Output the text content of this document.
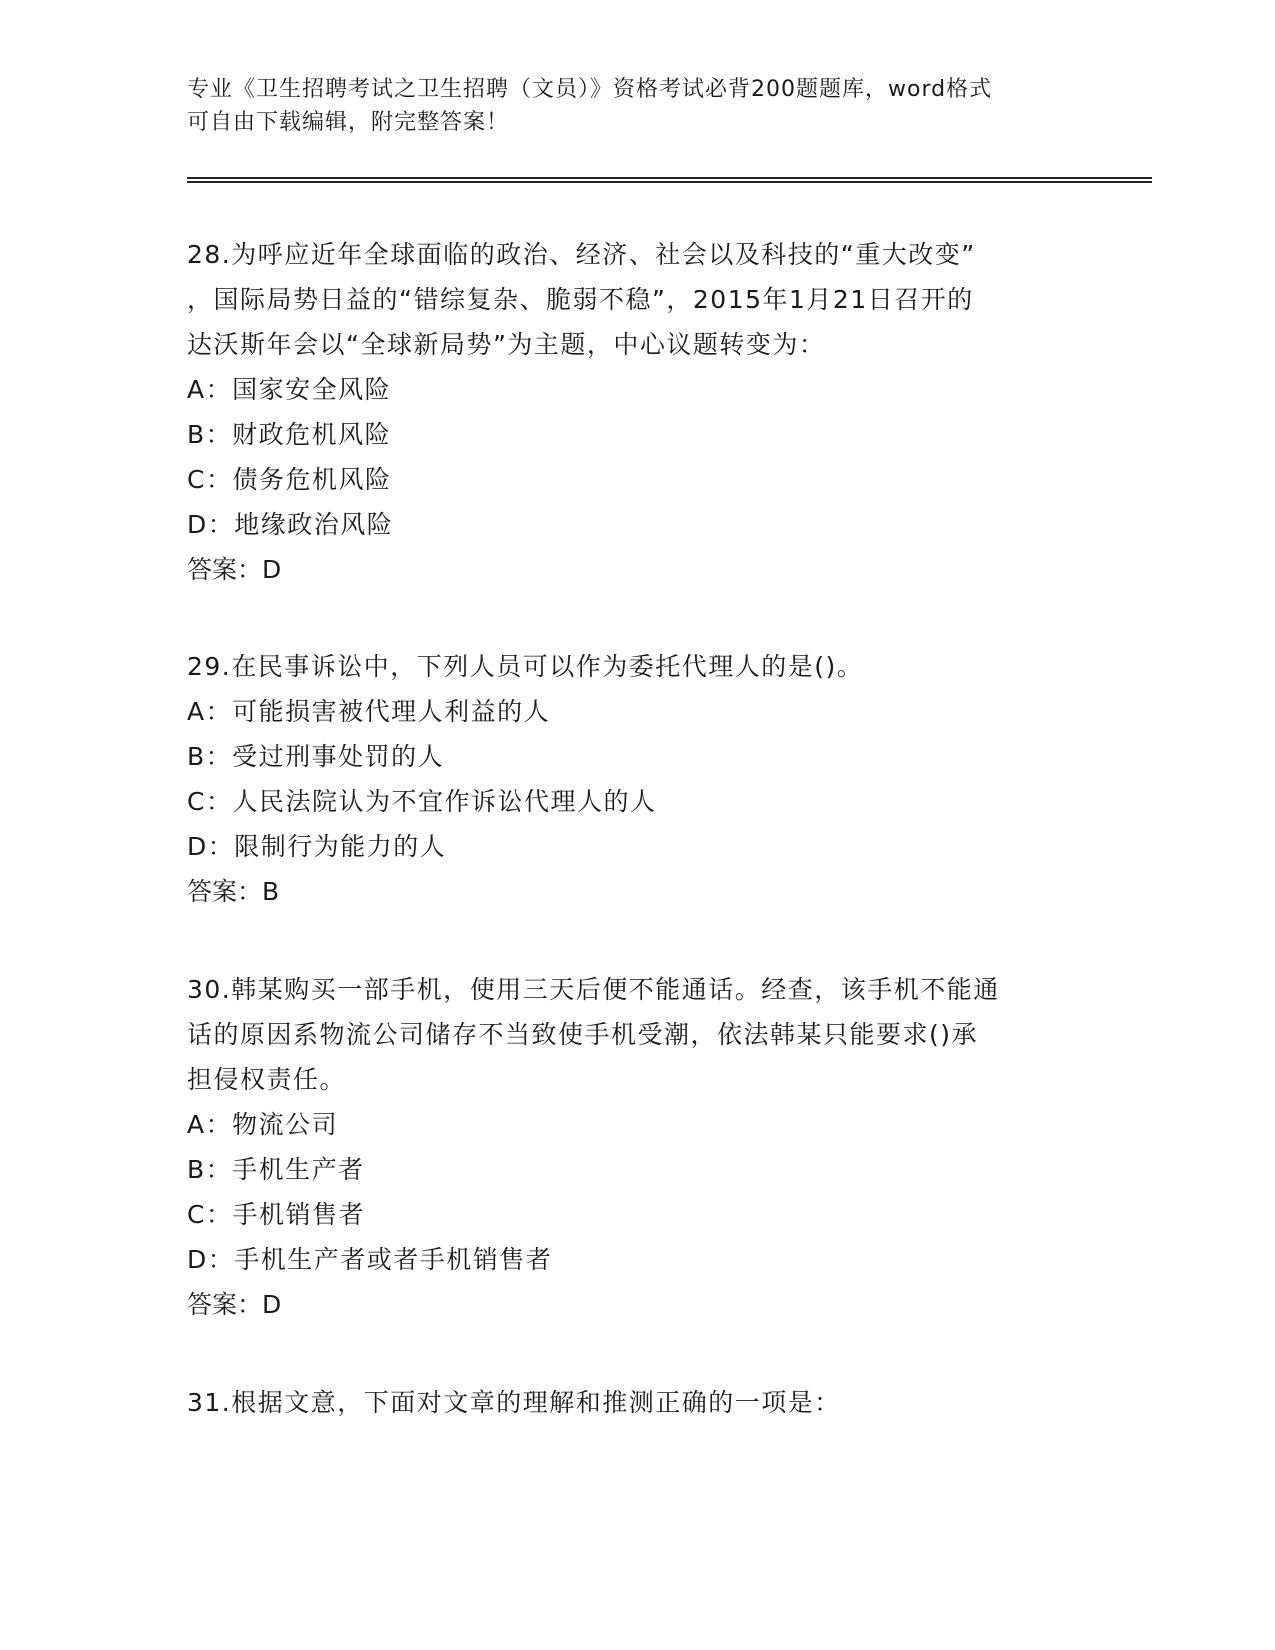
专业《卫生招聘考试之卫生招聘（文员）》资格考试必背200题题库，word格式
可自由下载编辑，附完整答案！

28.为呼应近年全球面临的政治、经济、社会以及科技的“重大改变”

，国际局势日益的“错综复杂、脆弱不稳”，2015年1月21日召开的

达沃斯年会以“全球新局势”为主题，中心议题转变为：

A：国家安全风险

B：财政危机风险

C：债务危机风险

D：地缘政治风险

答案：D

29.在民事诉讼中，下列人员可以作为委托代理人的是()。

A：可能损害被代理人利益的人

B：受过刑事处罚的人

C：人民法院认为不宜作诉讼代理人的人

D：限制行为能力的人

答案：B

30.韩某购买一部手机，使用三天后便不能通话。经查，该手机不能通

话的原因系物流公司储存不当致使手机受潮，依法韩某只能要求()承

担侵权责任。

A：物流公司

B：手机生产者

C：手机销售者

D：手机生产者或者手机销售者

答案：D

31.根据文意，下面对文章的理解和推测正确的一项是：
